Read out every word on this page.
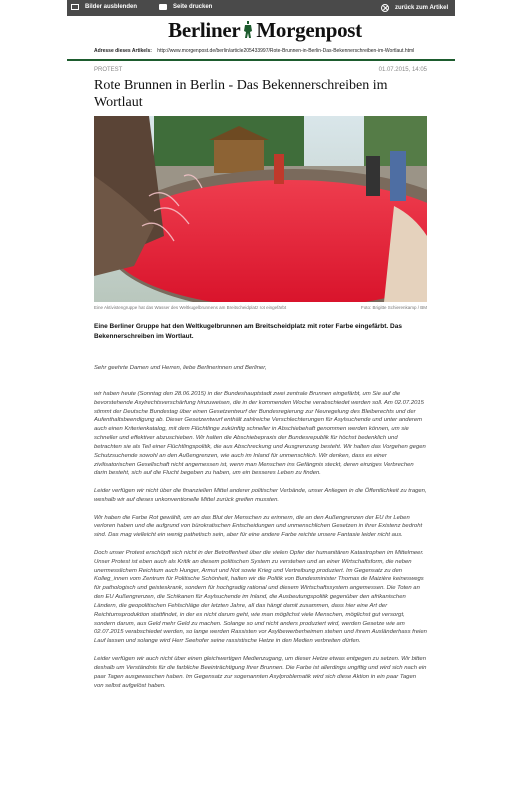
Bilder ausblenden	Seite drucken	zurück zum Artikel
Berliner Morgenpost
Adresse dieses Artikels: http://www.morgenpost.de/berlin/article205433997/Rote-Brunnen-in-Berlin-Das-Bekennerschreiben-im-Wortlaut.html
PROTEST	01.07.2015, 14:05
Rote Brunnen in Berlin - Das Bekennerschreiben im Wortlaut
Eine Aktivistengruppe hat das Wasser des Weltkugelbrunnens am Breitscheidplatz rot eingefärbt	Foto: Brigitte Schierenkamp / BM

Eine Berliner Gruppe hat den Weltkugelbrunnen am Breitscheidplatz mit roter Farbe eingefärbt. Das Bekennerschreiben im Wortlaut.

Sehr geehrte Damen und Herren, liebe Berlinerinnen und Berliner,

wir haben heute (Sonntag den 28.06.2015) in der Bundeshauptstadt zwei zentrale Brunnen eingefärbt, um Sie auf die bevorstehende Asylrechtsverschärfung hinzuweisen, die in der kommenden Woche verabschiedet werden soll. Am 02.07.2015 stimmt der Deutsche Bundestag über einen Gesetzentwurf der Bundesregierung zur Neuregelung des Bleiberechts und der Aufenthaltsbeendigung ab. Dieser Gesetzentwurf enthält zahlreiche Verschlechterungen für Asylsuchende und unter anderem auch einen Kriterienkatalog, mit dem Flüchtlinge zukünftig schneller in Abschiebehaft genommen werden können, um sie schneller und effektiver abzuschieben. Wir halten die Abschiebepraxis der Bundesrepublik für höchst bedenklich und betrachten sie als Teil einer Flüchtlingspolitik, die aus Abschreckung und Ausgrenzung besteht. Wir halten das Vorgehen gegen Schutzsuchende sowohl an den Außengrenzen, wie auch im Inland für unmenschlich. Wir denken, dass es einer zivilisatorischen Gesellschaft nicht angemessen ist, wenn man Menschen ins Gefängnis steckt, deren einziges Verbrechen darin besteht, sich auf die Flucht begeben zu haben, um ein besseres Leben zu finden.

Leider verfügen wir nicht über die finanziellen Mittel anderer politischer Verbände, unser Anliegen in die Öffentlichkeit zu tragen, weshalb wir auf dieses unkonventionelle Mittel zurück greifen mussten.

Wir haben die Farbe Rot gewählt, um an das Blut der Menschen zu erinnern, die an den Außengrenzen der EU ihr Leben verloren haben und die aufgrund von bürokratischen Entscheidungen und unmenschlichen Gesetzen in ihrer Existenz bedroht sind. Das mag vielleicht ein wenig pathetisch sein, aber für eine andere Farbe reichte unsere Fantasie leider nicht aus.

Doch unser Protest erschöpft sich nicht in der Betroffenheit über die vielen Opfer der humanitären Katastrophen im Mittelmeer. Unser Protest ist eben auch als Kritik an diesem politischen System zu verstehen und an einer Wirtschaftsform, die neben unermesslichem Reichtum auch Hunger, Armut und Not sowie Krieg und Vertreibung produziert. Im Gegensatz zu den Kolleg_innen vom Zentrum für Politische Schönheit, halten wir die Politik von Bundesminister Thomas de Maizière keineswegs für pathologisch und geisteskrank, sondern für hochgradig rational und diesem Wirtschaftssystem angemessen. Die Toten an den EU Außengrenzen, die Schikanen für Asylsuchende im Inland, die Ausbeutungspolitik gegenüber den afrikanischen Ländern, die geopolitischen Fehlschläge der letzten Jahre, all das hängt damit zusammen, dass hier eine Art der Reichtumsproduktion stattfindet, in der es nicht darum geht, wie man möglichst viele Menschen, möglichst gut versorgt, sondern darum, aus Geld mehr Geld zu machen. Solange so und nicht anders produziert wird, werden Gesetze wie am 02.07.2015 verabschiedet werden, so lange werden Rassisten vor Asylbewerberheimen stehen und ihrem Ausländerhass freien Lauf lassen und solange wird Herr Seehofer seine rassistische Hetze in den Medien verbreiten dürfen.

Leider verfügen wir auch nicht über einen gleichwertigen Medienzugang, um dieser Hetze etwas entgegen zu setzen. Wir bitten deshalb um Verständnis für die farbliche Beeinträchtigung Ihrer Brunnen. Die Farbe ist allerdings ungiftig und wird sich nach ein paar Tagen ausgewaschen haben. Im Gegensatz zur sogenannten Asylproblematik wird sich diese Aktion in ein paar Tagen von selbst aufgelöst haben.
